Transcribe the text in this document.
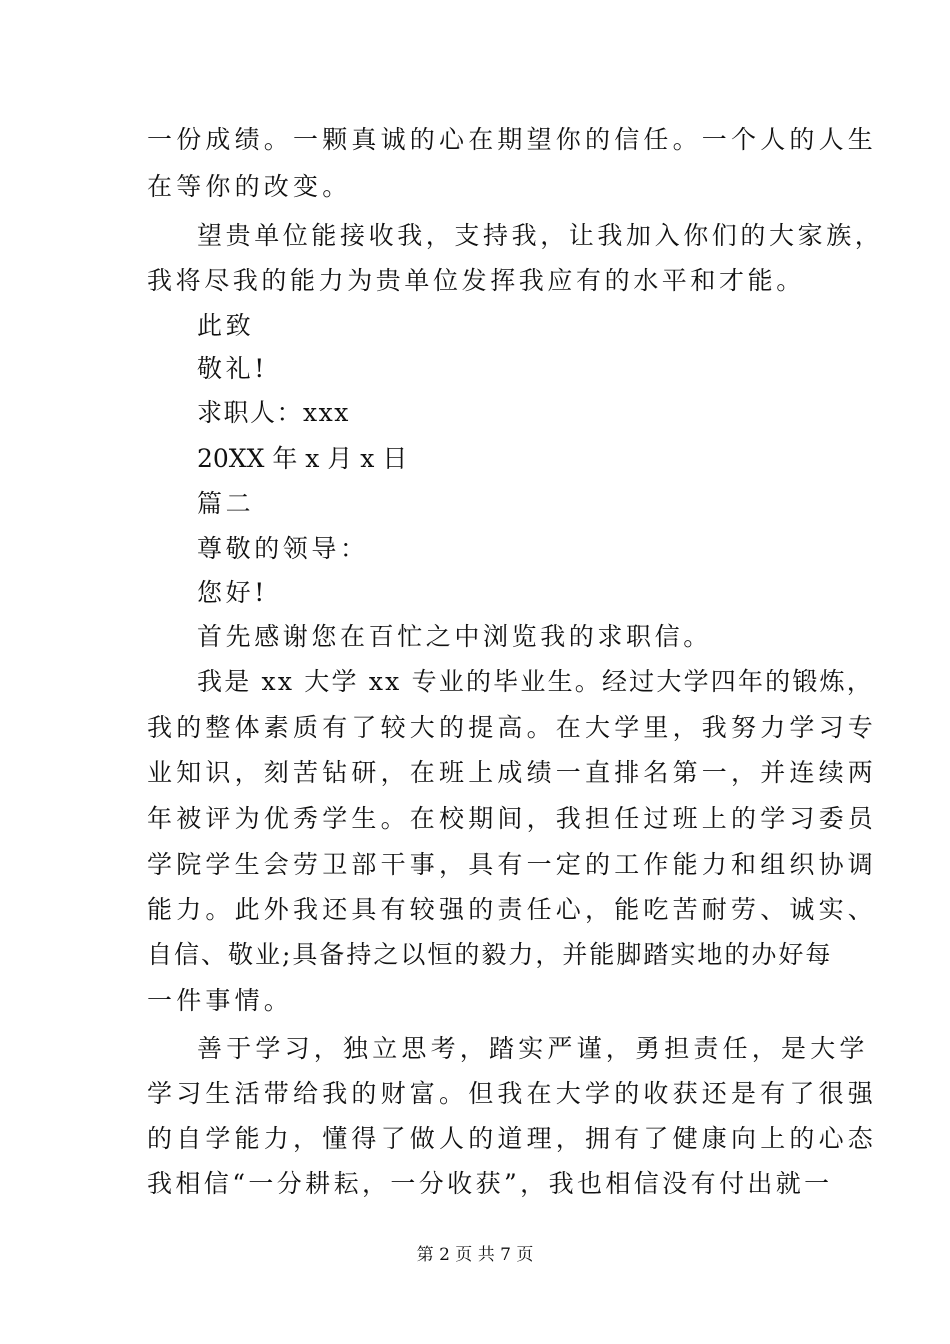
一份成绩。一颗真诚的心在期望你的信任。一个人的人生
在等你的改变。
望贵单位能接收我，支持我，让我加入你们的大家族，
我将尽我的能力为贵单位发挥我应有的水平和才能。
此致
敬礼!
求职人：xxx
20XX 年 x 月 x 日
篇二
尊敬的领导：
您好!
首先感谢您在百忙之中浏览我的求职信。
我是 xx 大学 xx 专业的毕业生。经过大学四年的锻炼，
我的整体素质有了较大的提高。在大学里，我努力学习专
业知识，刻苦钻研，在班上成绩一直排名第一，并连续两
年被评为优秀学生。在校期间，我担任过班上的学习委员
学院学生会劳卫部干事，具有一定的工作能力和组织协调
能力。此外我还具有较强的责任心，能吃苦耐劳、诚实、
自信、敬业;具备持之以恒的毅力，并能脚踏实地的办好每
一件事情。
善于学习，独立思考，踏实严谨，勇担责任，是大学
学习生活带给我的财富。但我在大学的收获还是有了很强
的自学能力，懂得了做人的道理，拥有了健康向上的心态
我相信“一分耕耘，一分收获”，我也相信没有付出就一
第 2 页 共 7 页
